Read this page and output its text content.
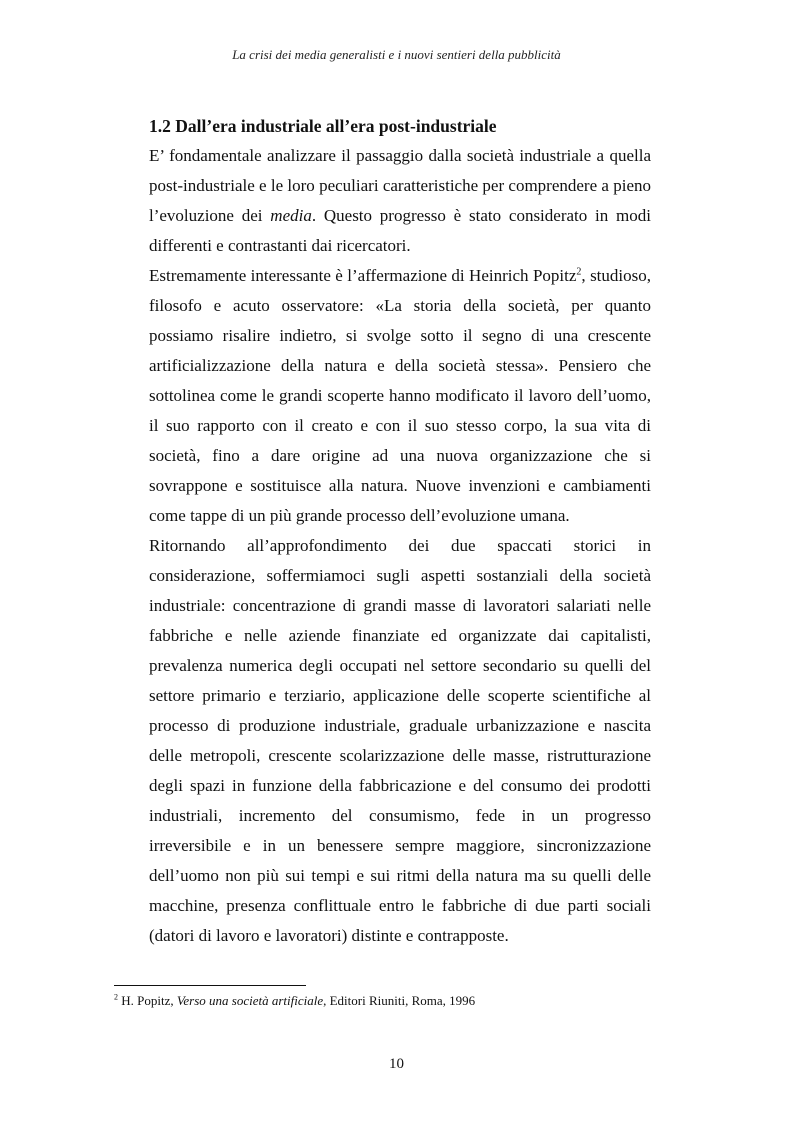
La crisi dei media generalisti e i nuovi sentieri della pubblicità
1.2 Dall’era industriale all’era post-industriale

E’ fondamentale analizzare il passaggio dalla società industriale a quella post-industriale e le loro peculiari caratteristiche per comprendere a pieno l’evoluzione dei media. Questo progresso è stato considerato in modi differenti e contrastanti dai ricercatori.

Estremamente interessante è l’affermazione di Heinrich Popitz$^2$, studioso, filosofo e acuto osservatore: «La storia della società, per quanto possiamo risalire indietro, si svolge sotto il segno di una crescente artificializzazione della natura e della società stessa». Pensiero che sottolinea come le grandi scoperte hanno modificato il lavoro dell’uomo, il suo rapporto con il creato e con il suo stesso corpo, la sua vita di società, fino a dare origine ad una nuova organizzazione che si sovrappone e sostituisce alla natura. Nuove invenzioni e cambiamenti come tappe di un più grande processo dell’evoluzione umana.

Ritornando all’approfondimento dei due spaccati storici in considerazione, soffermiamoci sugli aspetti sostanziali della società industriale: concentrazione di grandi masse di lavoratori salariati nelle fabbriche e nelle aziende finanziate ed organizzate dai capitalisti, prevalenza numerica degli occupati nel settore secondario su quelli del settore primario e terziario, applicazione delle scoperte scientifiche al processo di produzione industriale, graduale urbanizzazione e nascita delle metropoli, crescente scolarizzazione delle masse, ristrutturazione degli spazi in funzione della fabbricazione e del consumo dei prodotti industriali, incremento del consumismo, fede in un progresso irreversibile e in un benessere sempre maggiore, sincronizzazione dell’uomo non più sui tempi e sui ritmi della natura ma su quelli delle macchine, presenza conflittuale entro le fabbriche di due parti sociali (datori di lavoro e lavoratori) distinte e contrapposte.

$^2$ H. Popitz, Verso una società artificiale, Editori Riuniti, Roma, 1996
10
